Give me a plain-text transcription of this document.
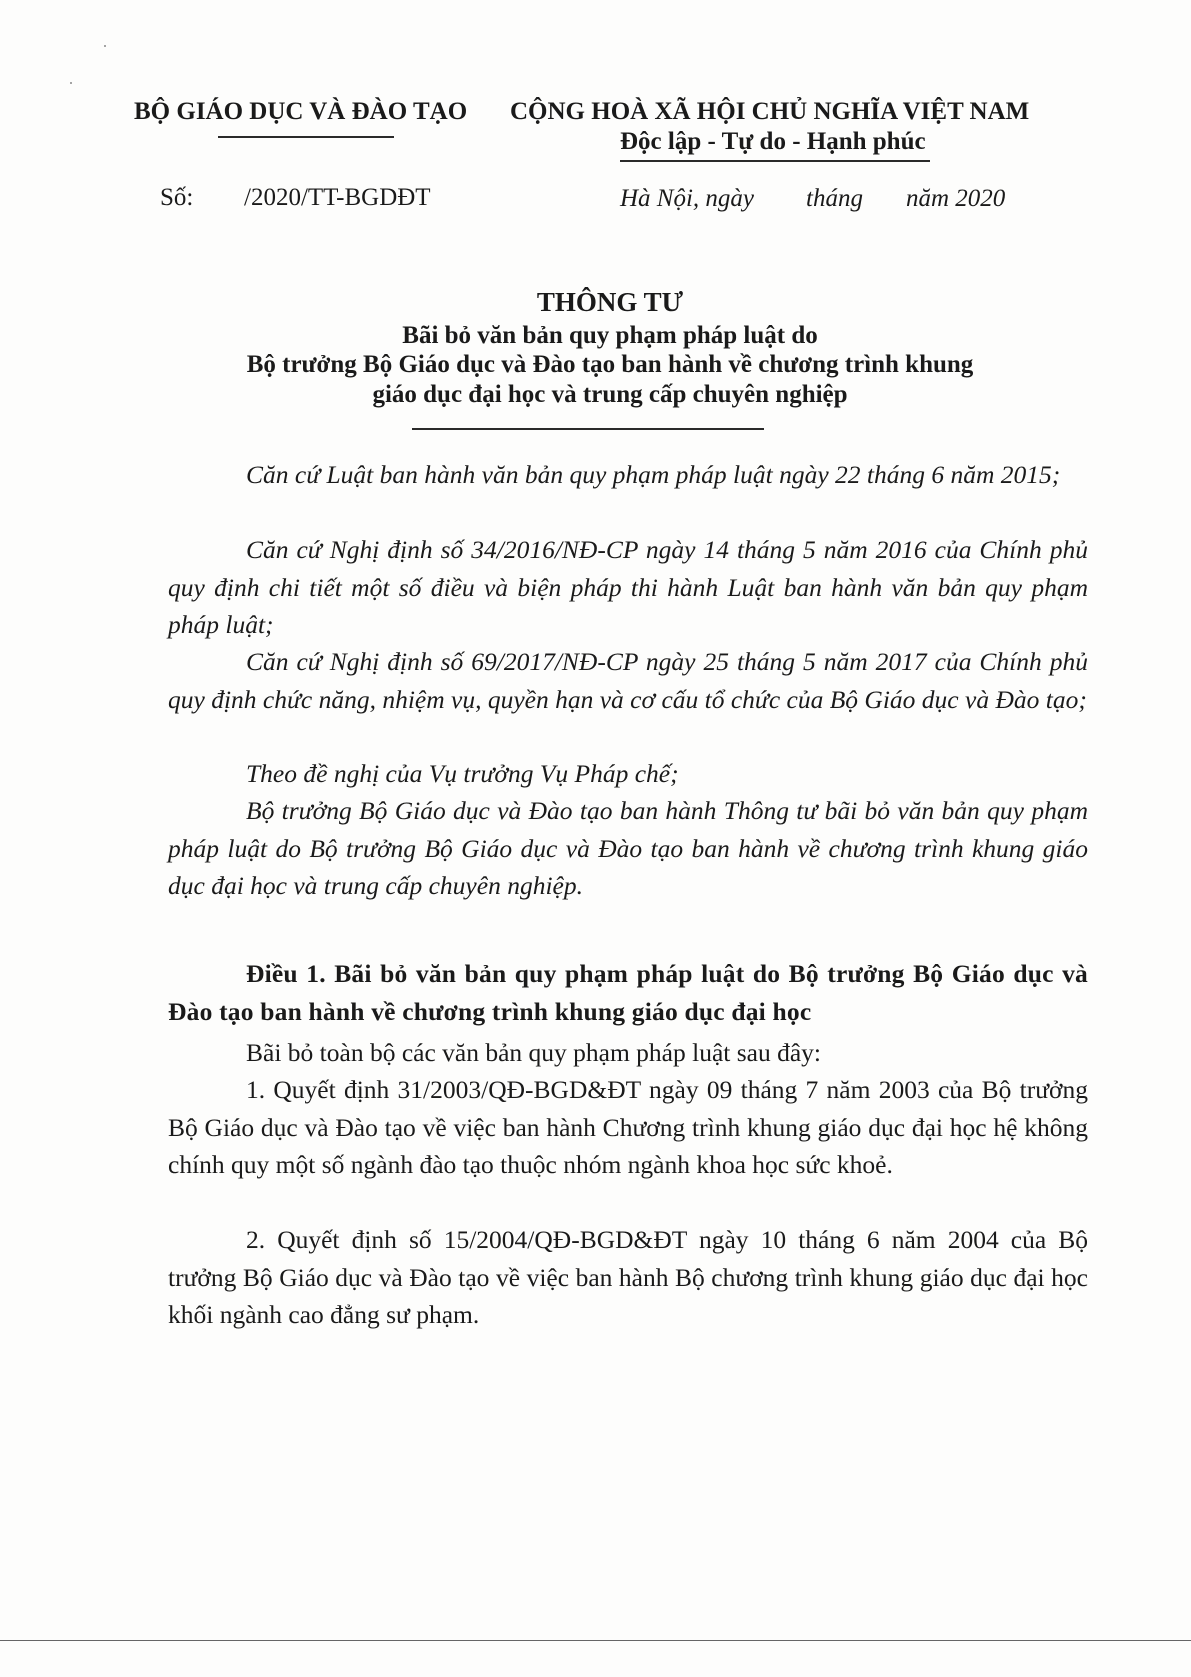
BỘ GIÁO DỤC VÀ ĐÀO TẠO CỘNG HOÀ XÃ HỘI CHỦ NGHĨA VIỆT NAM
Độc lập - Tự do - Hạnh phúc
Số: /2020/TT-BGDĐT	Hà Nội, ngày tháng năm 2020
THÔNG TƯ
Bãi bỏ văn bản quy phạm pháp luật do
Bộ trưởng Bộ Giáo dục và Đào tạo ban hành về chương trình khung
giáo dục đại học và trung cấp chuyên nghiệp
Căn cứ Luật ban hành văn bản quy phạm pháp luật ngày 22 tháng 6 năm 2015;
Căn cứ Nghị định số 34/2016/NĐ-CP ngày 14 tháng 5 năm 2016 của Chính phủ quy định chi tiết một số điều và biện pháp thi hành Luật ban hành văn bản quy phạm pháp luật;
Căn cứ Nghị định số 69/2017/NĐ-CP ngày 25 tháng 5 năm 2017 của Chính phủ quy định chức năng, nhiệm vụ, quyền hạn và cơ cấu tổ chức của Bộ Giáo dục và Đào tạo;
Theo đề nghị của Vụ trưởng Vụ Pháp chế;
Bộ trưởng Bộ Giáo dục và Đào tạo ban hành Thông tư bãi bỏ văn bản quy phạm pháp luật do Bộ trưởng Bộ Giáo dục và Đào tạo ban hành về chương trình khung giáo dục đại học và trung cấp chuyên nghiệp.
Điều 1. Bãi bỏ văn bản quy phạm pháp luật do Bộ trưởng Bộ Giáo dục và Đào tạo ban hành về chương trình khung giáo dục đại học
Bãi bỏ toàn bộ các văn bản quy phạm pháp luật sau đây:
1. Quyết định 31/2003/QĐ-BGD&ĐT ngày 09 tháng 7 năm 2003 của Bộ trưởng Bộ Giáo dục và Đào tạo về việc ban hành Chương trình khung giáo dục đại học hệ không chính quy một số ngành đào tạo thuộc nhóm ngành khoa học sức khoẻ.
2. Quyết định số 15/2004/QĐ-BGD&ĐT ngày 10 tháng 6 năm 2004 của Bộ trưởng Bộ Giáo dục và Đào tạo về việc ban hành Bộ chương trình khung giáo dục đại học khối ngành cao đẳng sư phạm.
